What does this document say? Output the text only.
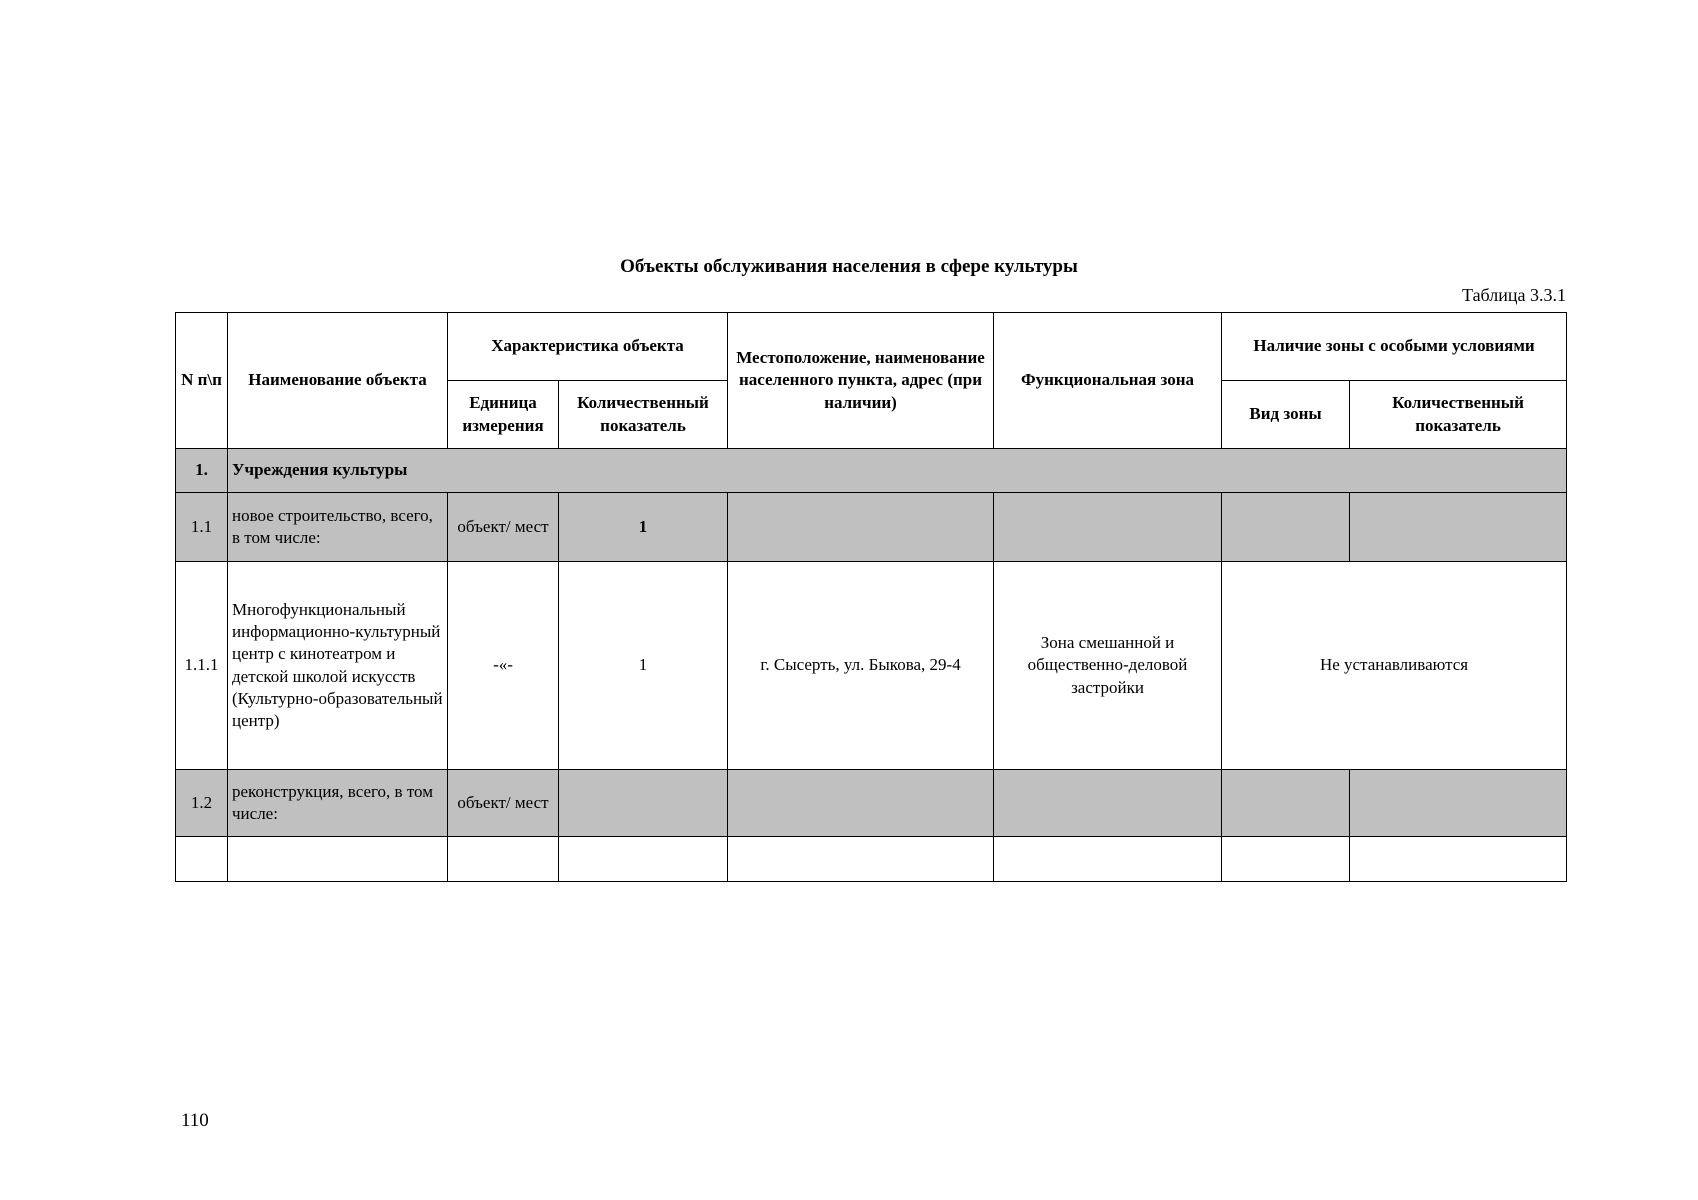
Объекты обслуживания населения в сфере культуры
Таблица 3.3.1
N п\п	Наименование объекта	Характеристика объекта		Местоположение, наименование населенного пункта, адрес (при наличии)	Функциональная зона	Наличие зоны с особыми условиями	
		Единица измерения	Количественный показатель			Вид зоны	Количественный показатель
1.	Учреждения культуры						
1.1	новое строительство, всего, в том числе:	объект/ мест	1				
1.1.1	Многофункциональный информационно-культурный центр с кинотеатром и детской школой искусств (Культурно-образовательный центр)	-«-	1	г. Сысерть, ул. Быкова, 29-4	Зона смешанной и общественно-деловой застройки	Не устанавливаются	
1.2	реконструкция, всего, в том числе:	объект/ мест					

110
